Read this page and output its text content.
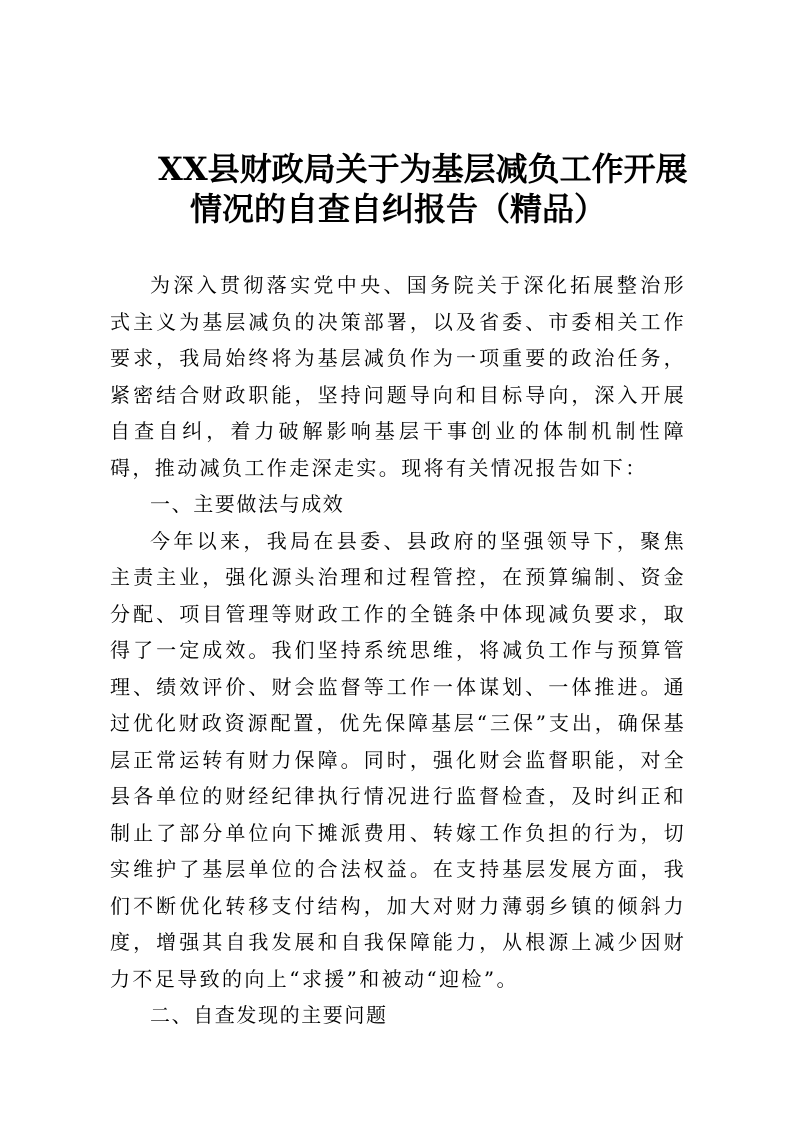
XX县财政局关于为基层减负工作开展
情况的自查自纠报告（精品）

为深入贯彻落实党中央、国务院关于深化拓展整治形式主义为基层减负的决策部署，以及省委、市委相关工作要求，我局始终将为基层减负作为一项重要的政治任务，紧密结合财政职能，坚持问题导向和目标导向，深入开展自查自纠，着力破解影响基层干事创业的体制机制性障碍，推动减负工作走深走实。现将有关情况报告如下：

一、主要做法与成效

今年以来，我局在县委、县政府的坚强领导下，聚焦主责主业，强化源头治理和过程管控，在预算编制、资金分配、项目管理等财政工作的全链条中体现减负要求，取得了一定成效。我们坚持系统思维，将减负工作与预算管理、绩效评价、财会监督等工作一体谋划、一体推进。通过优化财政资源配置，优先保障基层“三保”支出，确保基层正常运转有财力保障。同时，强化财会监督职能，对全县各单位的财经纪律执行情况进行监督检查，及时纠正和制止了部分单位向下摊派费用、转嫁工作负担的行为，切实维护了基层单位的合法权益。在支持基层发展方面，我们不断优化转移支付结构，加大对财力薄弱乡镇的倾斜力度，增强其自我发展和自我保障能力，从根源上减少因财力不足导致的向上“求援”和被动“迎检”。

二、自查发现的主要问题
